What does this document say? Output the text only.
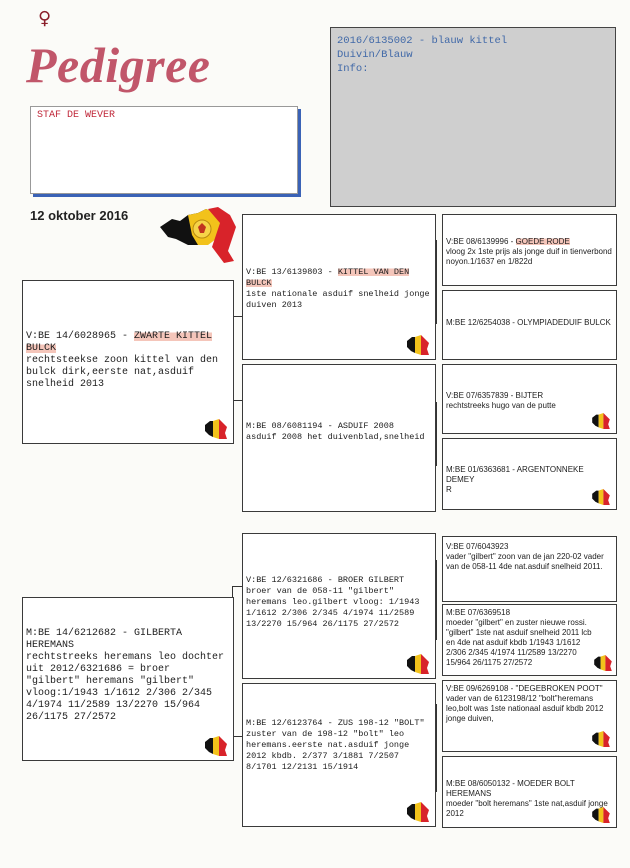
♀
Pedigree
STAF DE WEVER
2016/6135002 - blauw kittel
Duivin/Blauw
Info:
12 oktober 2016
V:BE 14/6028965 - ZWARTE KITTEL BULCK
rechtsteekse zoon kittel van den bulck dirk,eerste nat,asduif snelheid 2013
M:BE 14/6212682 - GILBERTA HEREMANS
rechtstreeks heremans leo dochter uit 2012/6321686 = broer "gilbert" heremans "gilbert" vloog:1/1943 1/1612 2/306 2/345 4/1974 11/2589 13/2270 15/964 26/1175 27/2572
V:BE 13/6139803 - KITTEL VAN DEN BULCK
1ste nationale asduif snelheid jonge duiven 2013
M:BE 08/6081194 - ASDUIF 2008
asduif 2008 het duivenblad,snelheid
V:BE 12/6321686 - BROER GILBERT
broer van de 058-11 "gilbert" heremans leo.gilbert vloog: 1/1943 1/1612 2/306 2/345 4/1974 11/2589 13/2270 15/964 26/1175 27/2572
M:BE 12/6123764 - ZUS 198-12 "BOLT"
zuster van de 198-12 "bolt" leo heremans.eerste nat.asduif jonge 2012 kbdb. 2/377 3/1881 7/2507 8/1701 12/2131 15/1914
V:BE 08/6139996 - GOEDE RODE
vloog 2x 1ste prijs als jonge duif in tienverbond noyon.1/1637 en 1/822d
M:BE 12/6254038 - OLYMPIADEDUIF BULCK
V:BE 07/6357839 - BIJTER
rechtstreeks hugo van de putte
M:BE 01/6363681 - ARGENTONNEKE DEMEY
R
V:BE 07/6043923
vader "gilbert" zoon van de jan 220-02 vader van de 058-11 4de nat.asduif snelheid 2011.
M:BE 07/6369518
moeder "gilbert" en zuster nieuwe rossi. "gilbert" 1ste nat asduif snelheid 2011 lcb en 4de nat asduif kbdb 1/1943 1/1612 2/306 2/345 4/1974 11/2589 13/2270 15/964 26/1175 27/2572
V:BE 09/6269108 - "DEGEBROKEN POOT"
vader van de 6123198/12 "bolt"heremans leo,bolt was 1ste nationaal asduif kbdb 2012 jonge duiven,
M:BE 08/6050132 - MOEDER BOLT HEREMANS
moeder "bolt heremans" 1ste nat,asduif jonge 2012
